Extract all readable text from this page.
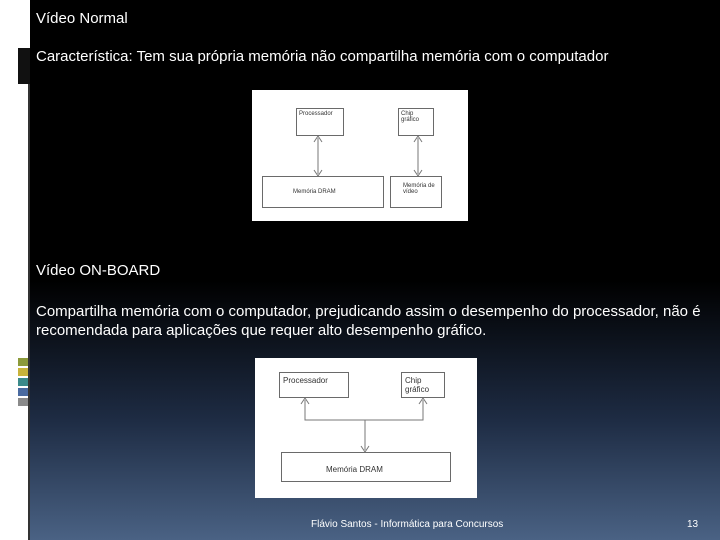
Vídeo Normal
Característica: Tem sua própria memória não compartilha memória com o computador
Processador	Chip gráfico
Memória DRAM
Memória de vídeo
Vídeo ON-BOARD
Compartilha memória com o computador, prejudicando assim o desempenho do processador, não é recomendada para aplicações que requer alto desempenho gráfico.
Processador	Chip gráfico
Memória DRAM
Flávio Santos - Informática para Concursos	13
